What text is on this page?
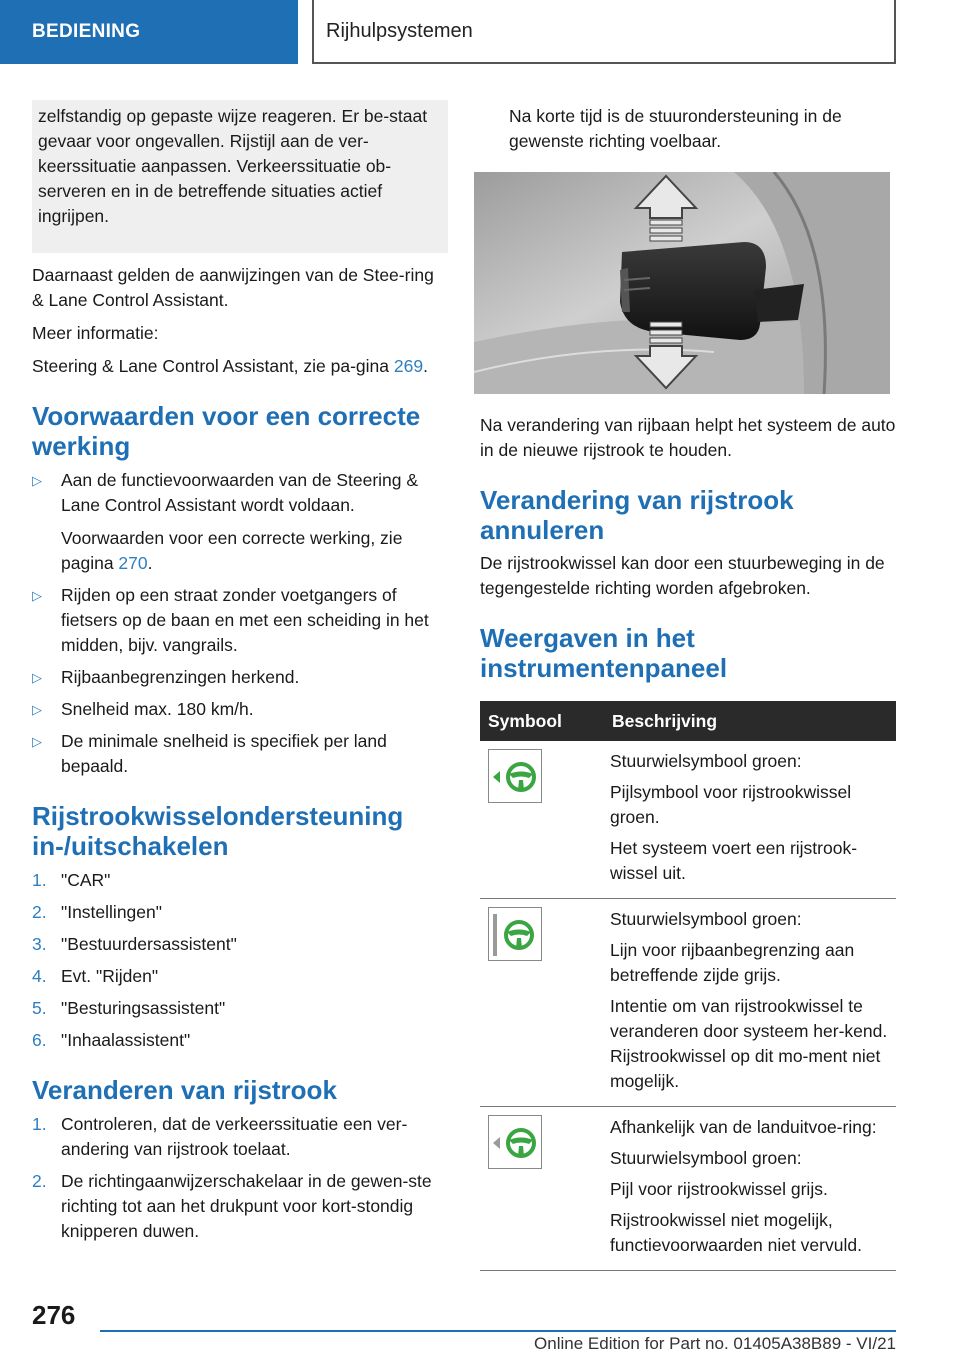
BEDIENING	Rijhulpsystemen
zelfstandig op gepaste wijze reageren. Er be-staat gevaar voor ongevallen. Rijstijl aan de ver-keerssituatie aanpassen. Verkeerssituatie ob-serveren en in de betreffende situaties actief ingrijpen.

Daarnaast gelden de aanwijzingen van de Stee-ring & Lane Control Assistant.

Meer informatie:

Steering & Lane Control Assistant, zie pa-gina 269.

Voorwaarden voor een correcte werking
▷ Aan de functievoorwaarden van de Steering & Lane Control Assistant wordt voldaan.
Voorwaarden voor een correcte werking, zie pagina 270.
▷ Rijden op een straat zonder voetgangers of fietsers op de baan en met een scheiding in het midden, bijv. vangrails.
▷ Rijbaanbegrenzingen herkend.
▷ Snelheid max. 180 km/h.
▷ De minimale snelheid is specifiek per land bepaald.
Rijstrookwisselondersteuning in-/uitschakelen
1. "CAR"
2. "Instellingen"
3. "Bestuurdersassistent"
4. Evt. "Rijden"
5. "Besturingsassistent"
6. "Inhaalassistent"
Veranderen van rijstrook
1. Controleren, dat de verkeerssituatie een ver-andering van rijstrook toelaat.
2. De richtingaanwijzerschakelaar in de gewen-ste richting tot aan het drukpunt voor kort-stondig knipperen duwen.

Na korte tijd is de stuurondersteuning in de gewenste richting voelbaar.

Na verandering van rijbaan helpt het systeem de auto in de nieuwe rijstrook te houden.

Verandering van rijstrook annuleren

De rijstrookwissel kan door een stuurbeweging in de tegengestelde richting worden afgebroken.

Weergaven in het instrumentenpaneel
Symbool	Beschrijving

Stuurwielsymbool groen:
Pijlsymbool voor rijstrookwissel groen.
Het systeem voert een rijstrook-wissel uit.

Stuurwielsymbool groen:
Lijn voor rijbaanbegrenzing aan betreffende zijde grijs.
Intentie om van rijstrookwissel te veranderen door systeem her-kend. Rijstrookwissel op dit mo-ment niet mogelijk.

Afhankelijk van de landuitvoe-ring:
Stuurwielsymbool groen:
Pijl voor rijstrookwissel grijs.
Rijstrookwissel niet mogelijk, functievoorwaarden niet vervuld.
276
Online Edition for Part no. 01405A38B89 - VI/21
